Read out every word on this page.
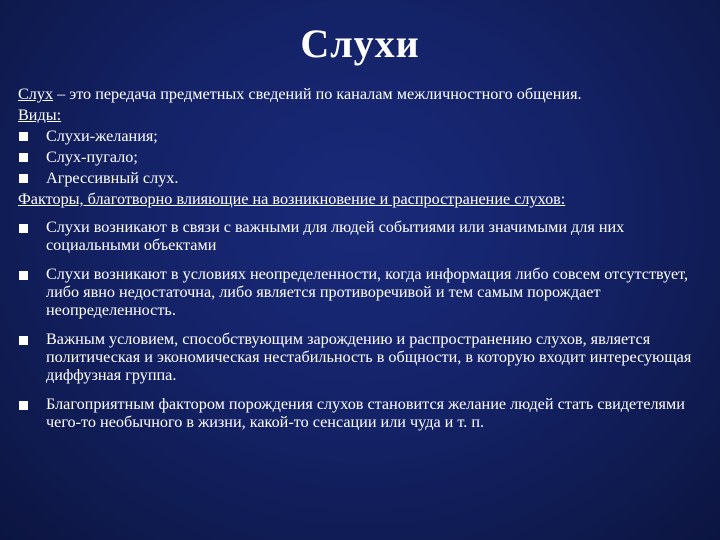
Слухи

Слух – это передача предметных сведений по каналам межличностного общения.

Виды:

Слухи-желания;
Слух-пугало;
Агрессивный слух.

Факторы, благотворно влияющие на возникновение и распространение слухов:

Слухи возникают в связи с важными для людей событиями или значимыми для них социальными объектами
Слухи возникают в условиях неопределенности, когда информация либо совсем отсутствует, либо явно недостаточна, либо является противоречивой и тем самым порождает неопределенность.
Важным условием, способствующим зарождению и распространению слухов, является политическая и экономическая нестабильность в общности, в которую входит интересующая диффузная группа.
Благоприятным фактором порождения слухов становится желание людей стать свидетелями чего-то необычного в жизни, какой-то сенсации или чуда и т. п.
